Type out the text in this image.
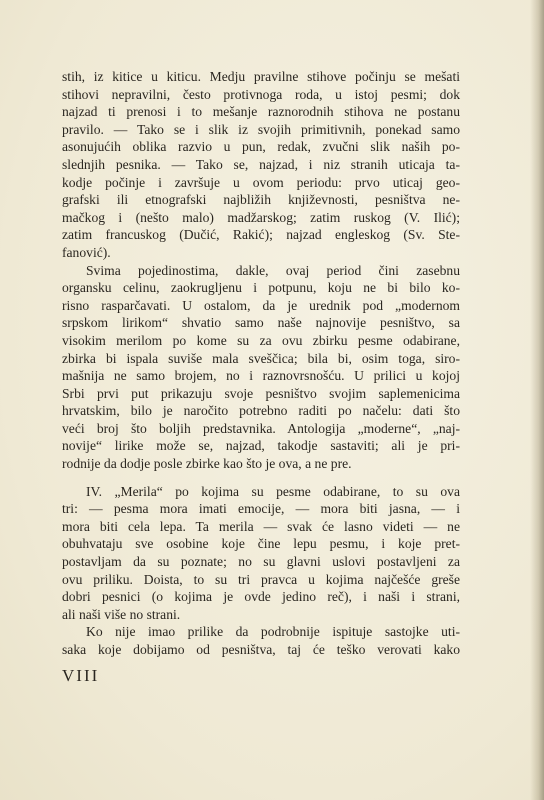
stih, iz kitice u kiticu. Medju pravilne stihove počinju se mešati
stihovi nepravilni, često protivnoga roda, u istoj pesmi; dok
najzad ti prenosi i to mešanje raznorodnih stihova ne postanu
pravilo. — Tako se i slik iz svojih primitivnih, ponekad samo
asonujućih oblika razvio u pun, redak, zvučni slik naših po-
slednjih pesnika. — Tako se, najzad, i niz stranih uticaja ta-
kodje počinje i završuje u ovom periodu: prvo uticaj geo-
grafski ili etnografski najbližih književnosti, pesništva ne-
mačkog i (nešto malo) madžarskog; zatim ruskog (V. Ilić);
zatim francuskog (Dučić, Rakić); najzad engleskog (Sv. Ste-
fanović).

Svima pojedinostima, dakle, ovaj period čini zasebnu
organsku celinu, zaokrugljenu i potpunu, koju ne bi bilo ko-
risno rasparčavati. U ostalom, da je urednik pod „modernom
srpskom lirikom“ shvatio samo naše najnovije pesništvo, sa
visokim merilom po kome su za ovu zbirku pesme odabirane,
zbirka bi ispala suviše mala sveščica; bila bi, osim toga, siro-
mašnija ne samo brojem, no i raznovrsnošću. U prilici u kojoj
Srbi prvi put prikazuju svoje pesništvo svojim saplemenicima
hrvatskim, bilo je naročito potrebno raditi po načelu: dati što
veći broj što boljih predstavnika. Antologija „moderne“, „naj-
novije“ lirike može se, najzad, takodje sastaviti; ali je pri-
rodnije da dodje posle zbirke kao što je ova, a ne pre.

IV. „Merila“ po kojima su pesme odabirane, to su ova
tri: — pesma mora imati emocije, — mora biti jasna, — i
mora biti cela lepa. Ta merila — svak će lasno videti — ne
obuhvataju sve osobine koje čine lepu pesmu, i koje pret-
postavljam da su poznate; no su glavni uslovi postavljeni za
ovu priliku. Doista, to su tri pravca u kojima najčešće greše
dobri pesnici (o kojima je ovde jedino reč), i naši i strani,
ali naši više no strani.

Ko nije imao prilike da podrobnije ispituje sastojke uti-
saka koje dobijamo od pesništva, taj će teško verovati kako

VIII
